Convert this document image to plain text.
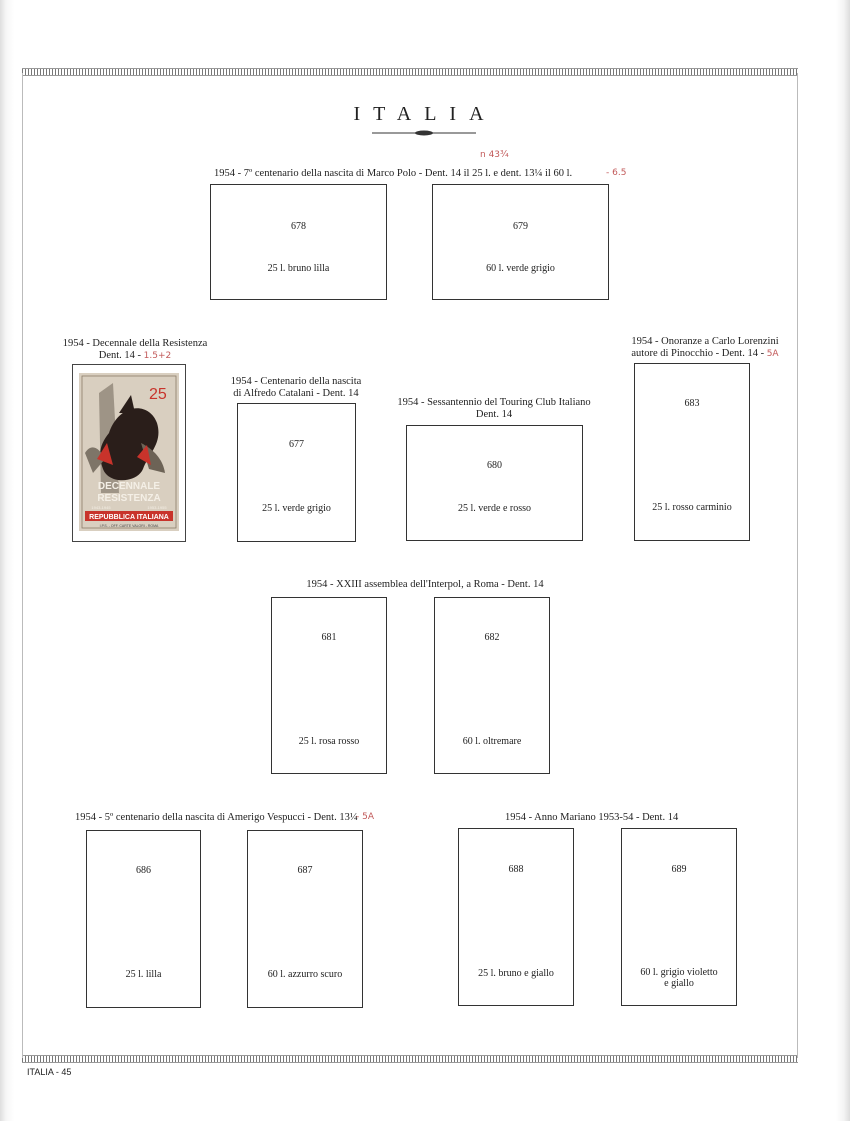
ITALIA
1954 - 7º centenario della nascita di Marco Polo - Dent. 14 il 25 l. e dent. 13¼ il 60 l.
n 43¾
- 6.5
678
25 l. bruno lilla
679
60 l. verde grigio
1954 - Decennale della Resistenza
Dent. 14 - 1.5+2
25
DECENNALE
RESISTENZA
1943-1945	1953-1955
REPUBBLICA ITALIANA
I.P.S. - OFF. CARTE VALORI - ROMA
1954 - Centenario della nascita
di Alfredo Catalani - Dent. 14
677
25 l. verde grigio
1954 - Sessantennio del Touring Club Italiano
Dent. 14
680
25 l. verde e rosso
1954 - Onoranze a Carlo Lorenzini
autore di Pinocchio - Dent. 14 - 5A
683
25 l. rosso carminio
1954 - XXIII assemblea dell'Interpol, a Roma - Dent. 14
681
25 l. rosa rosso
682
60 l. oltremare
1954 - 5º centenario della nascita di Amerigo Vespucci - Dent. 13¼
- 5A
686
25 l. lilla
687
60 l. azzurro scuro
1954 - Anno Mariano 1953-54 - Dent. 14
688
25 l. bruno e giallo
689
60 l. grigio violetto
e giallo
ITALIA - 45
